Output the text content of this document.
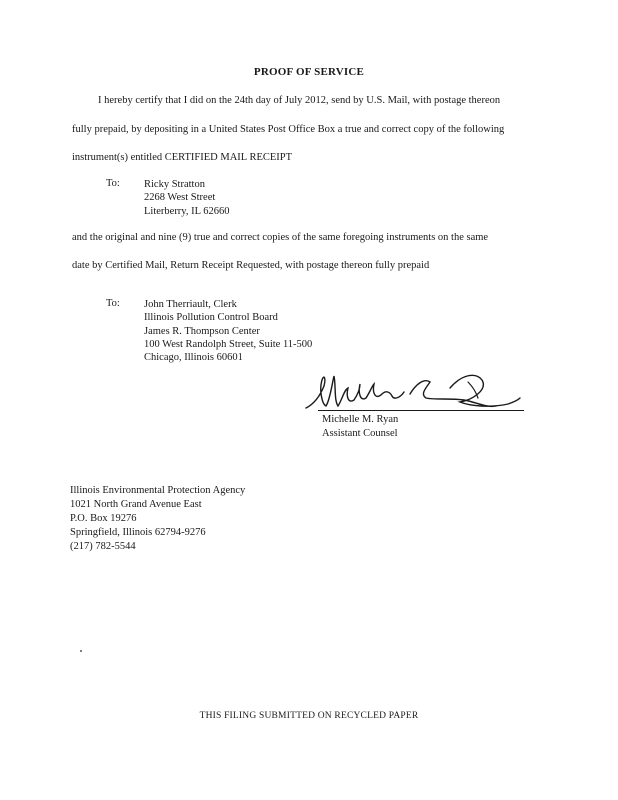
PROOF OF SERVICE
I hereby certify that I did on the 24th day of July 2012, send by U.S. Mail, with postage thereon
fully prepaid, by depositing in a United States Post Office Box a true and correct copy of the following
instrument(s) entitled CERTIFIED MAIL RECEIPT
To: Ricky Stratton
2268 West Street
Literberry, IL 62660
and the original and nine (9) true and correct copies of the same foregoing instruments on the same
date by Certified Mail, Return Receipt Requested, with postage thereon fully prepaid
To: John Therriault, Clerk
Illinois Pollution Control Board
James R. Thompson Center
100 West Randolph Street, Suite 11-500
Chicago, Illinois 60601
Michelle M. Ryan
Assistant Counsel
Illinois Environmental Protection Agency
1021 North Grand Avenue East
P.O. Box 19276
Springfield, Illinois 62794-9276
(217) 782-5544
THIS FILING SUBMITTED ON RECYCLED PAPER
